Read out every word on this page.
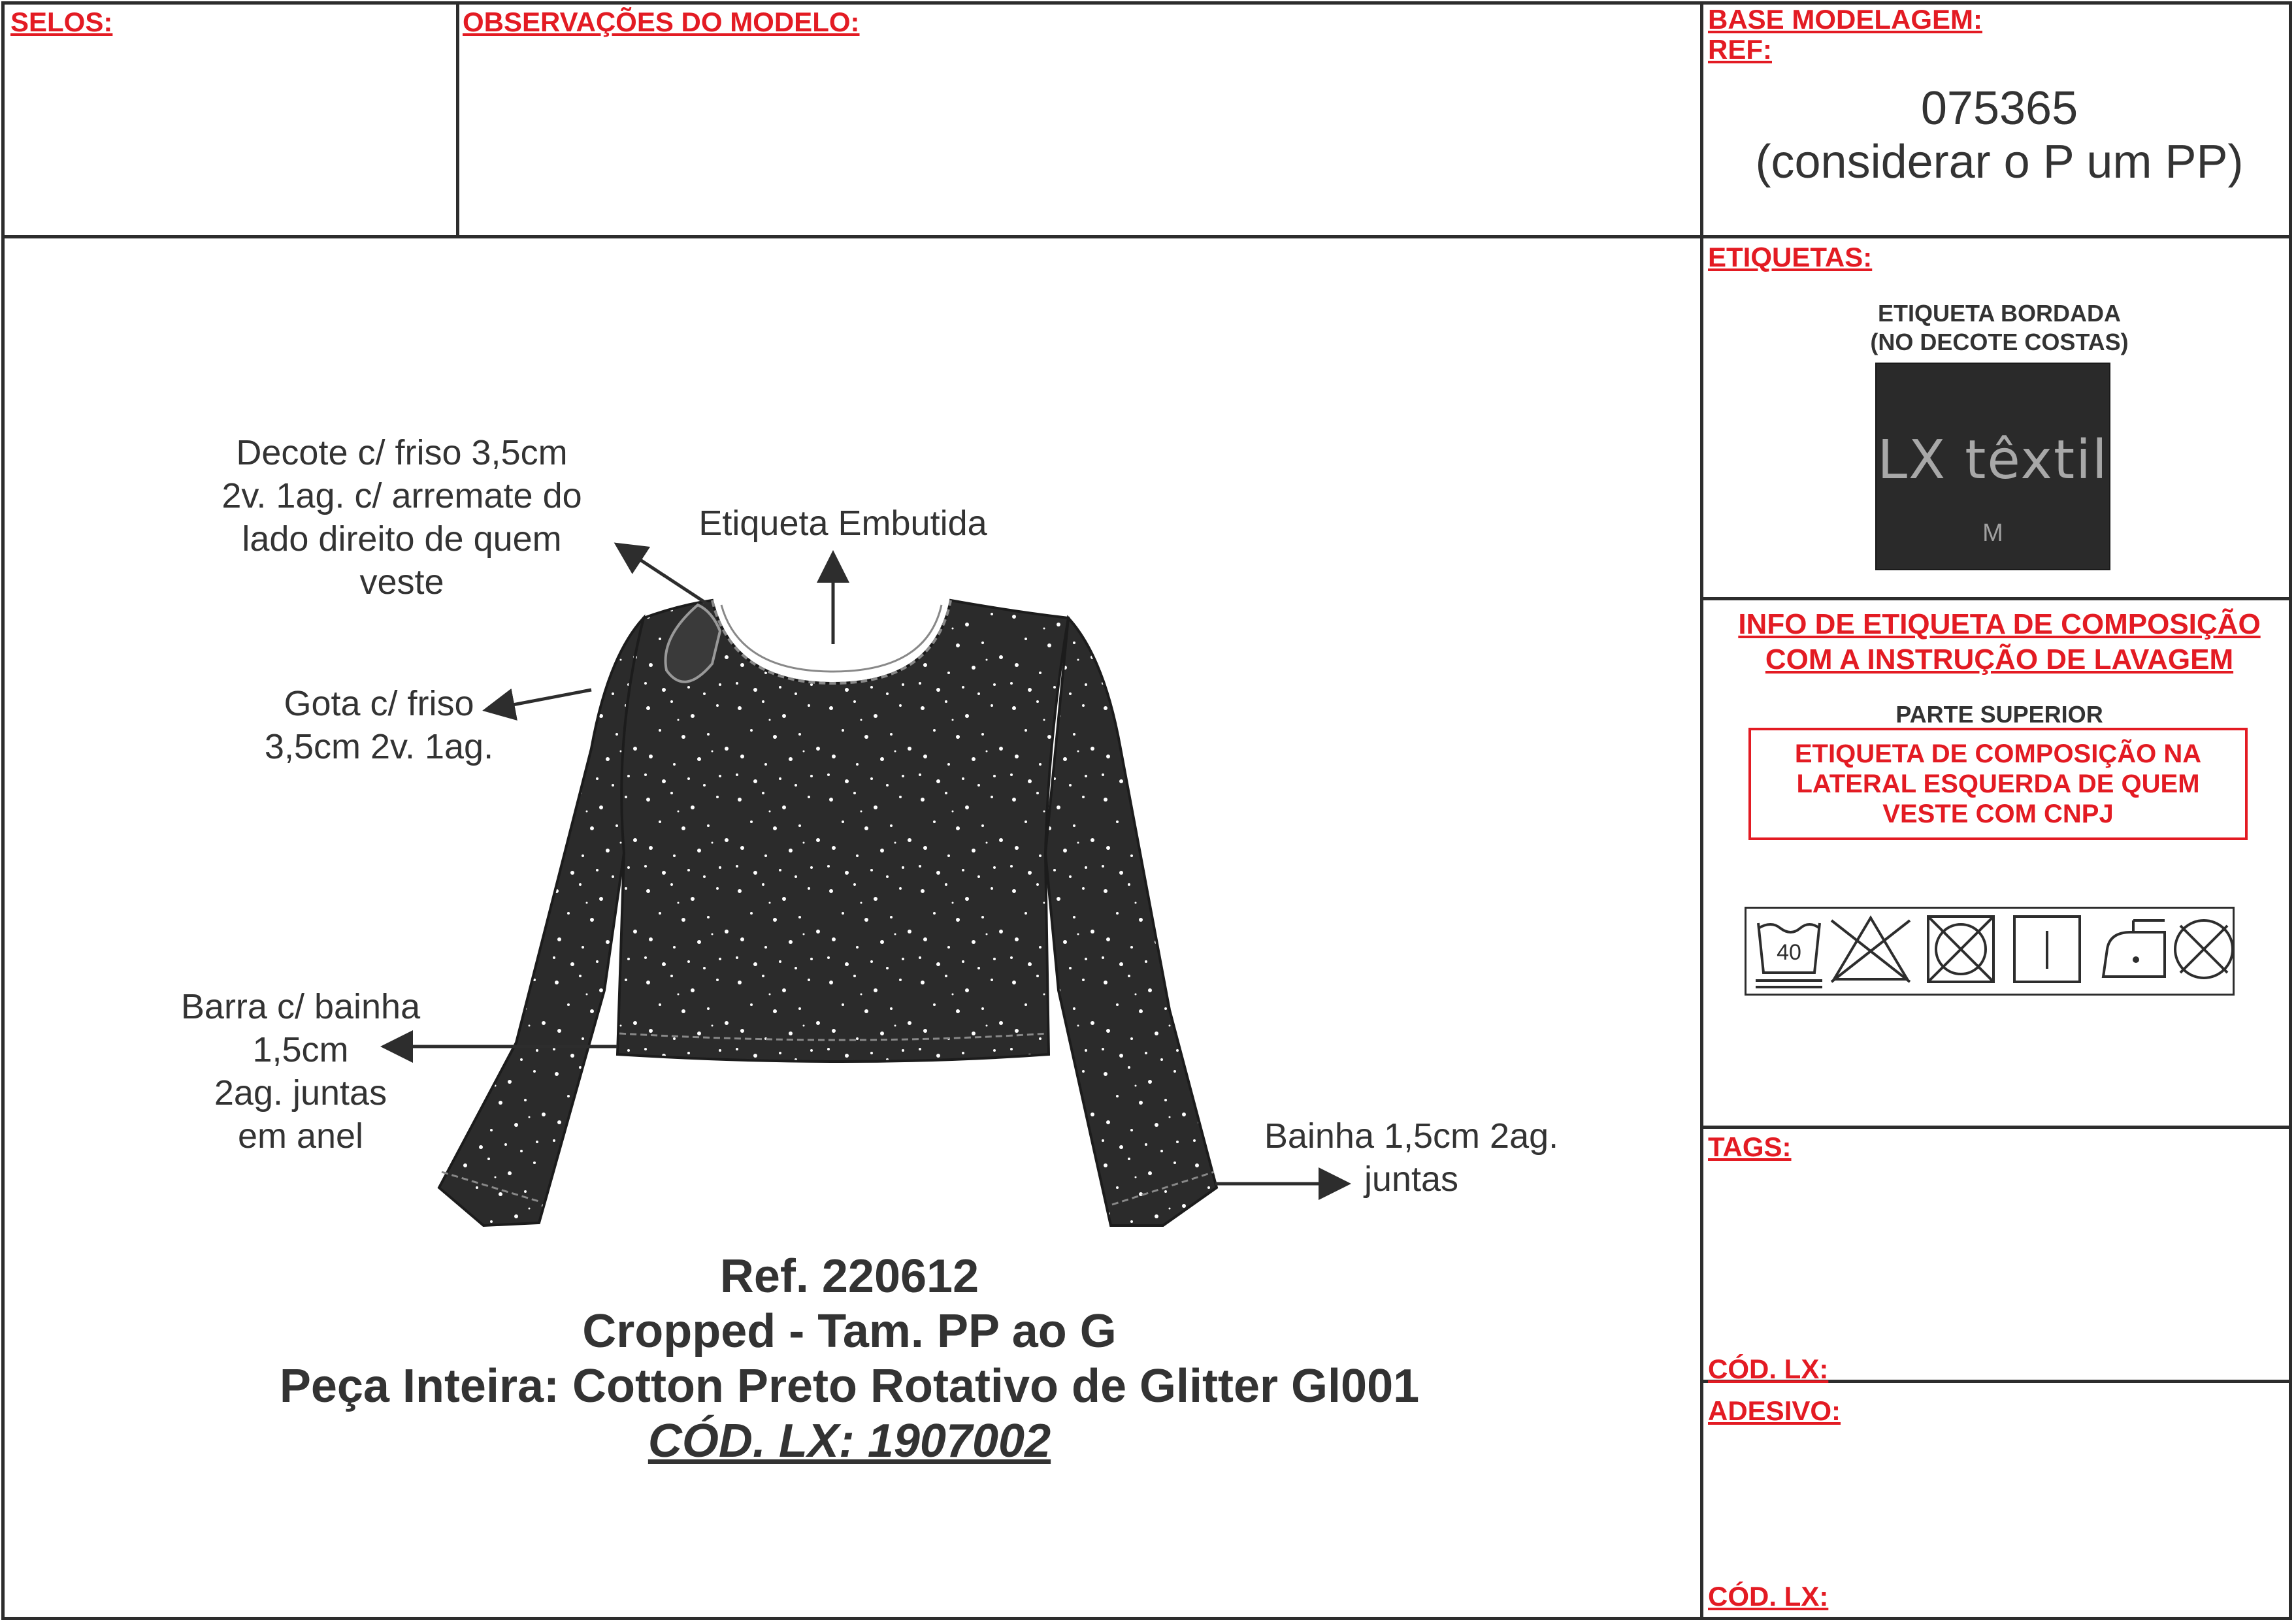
SELOS:	OBSERVAÇÕES DO MODELO:	BASE MODELAGEM:
REF:
075365
(considerar o P um PP)
ETIQUETAS:
ETIQUETA BORDADA
(NO DECOTE COSTAS)
LX têxtil
M
INFO DE ETIQUETA DE COMPOSIÇÃO
COM A INSTRUÇÃO DE LAVAGEM
PARTE SUPERIOR
ETIQUETA DE COMPOSIÇÃO NA
LATERAL ESQUERDA DE QUEM
VESTE COM CNPJ
40
TAGS:
CÓD. LX:
ADESIVO:
CÓD. LX:
Decote c/ friso 3,5cm
2v. 1ag. c/ arremate do
lado direito de quem
veste
Etiqueta Embutida
Gota c/ friso
3,5cm 2v. 1ag.
Barra c/ bainha
1,5cm
2ag. juntas
em anel	Bainha 1,5cm 2ag.
juntas
Ref. 220612
Cropped - Tam. PP ao G
Peça Inteira: Cotton Preto Rotativo de Glitter Gl001
CÓD. LX: 1907002
